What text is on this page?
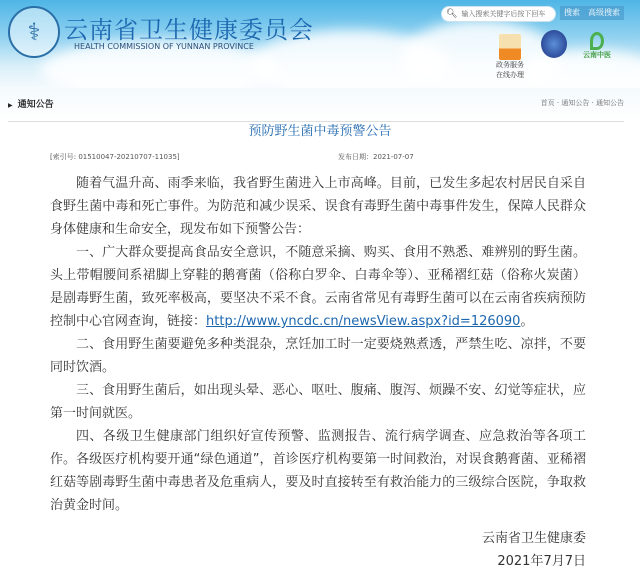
⚕ 云南省卫生健康委员会
HEALTH COMMISSION OF YUNNAN PROVINCE
🔍︎ 输入搜索关键字后按下回车	搜索	高级搜索
政务服务
在线办理
云南中医
▶ 通知公告	首页 · 通知公告 · 通知公告
预防野生菌中毒预警公告
[索引号: 01510047-20210707-11035]	发布日期：2021-07-07

随着气温升高、雨季来临，我省野生菌进入上市高峰。目前，已发生多起农村居民自采自食野生菌中毒和死亡事件。为防范和减少误采、误食有毒野生菌中毒事件发生，保障人民群众身体健康和生命安全，现发布如下预警公告：

一、广大群众要提高食品安全意识，不随意采摘、购买、食用不熟悉、难辨别的野生菌。头上带帽腰间系裙脚上穿鞋的鹅膏菌（俗称白罗伞、白毒伞等）、亚稀褶红菇（俗称火炭菌）是剧毒野生菌，致死率极高，要坚决不采不食。云南省常见有毒野生菌可以在云南省疾病预防控制中心官网查询，链接：http://www.yncdc.cn/newsView.aspx?id=126090。

二、食用野生菌要避免多种类混杂，烹饪加工时一定要烧熟煮透，严禁生吃、凉拌，不要同时饮酒。

三、食用野生菌后，如出现头晕、恶心、呕吐、腹痛、腹泻、烦躁不安、幻觉等症状，应第一时间就医。

四、各级卫生健康部门组织好宣传预警、监测报告、流行病学调查、应急救治等各项工作。各级医疗机构要开通“绿色通道”，首诊医疗机构要第一时间救治，对误食鹅膏菌、亚稀褶红菇等剧毒野生菌中毒患者及危重病人，要及时直接转至有救治能力的三级综合医院，争取救治黄金时间。

云南省卫生健康委
2021年7月7日
